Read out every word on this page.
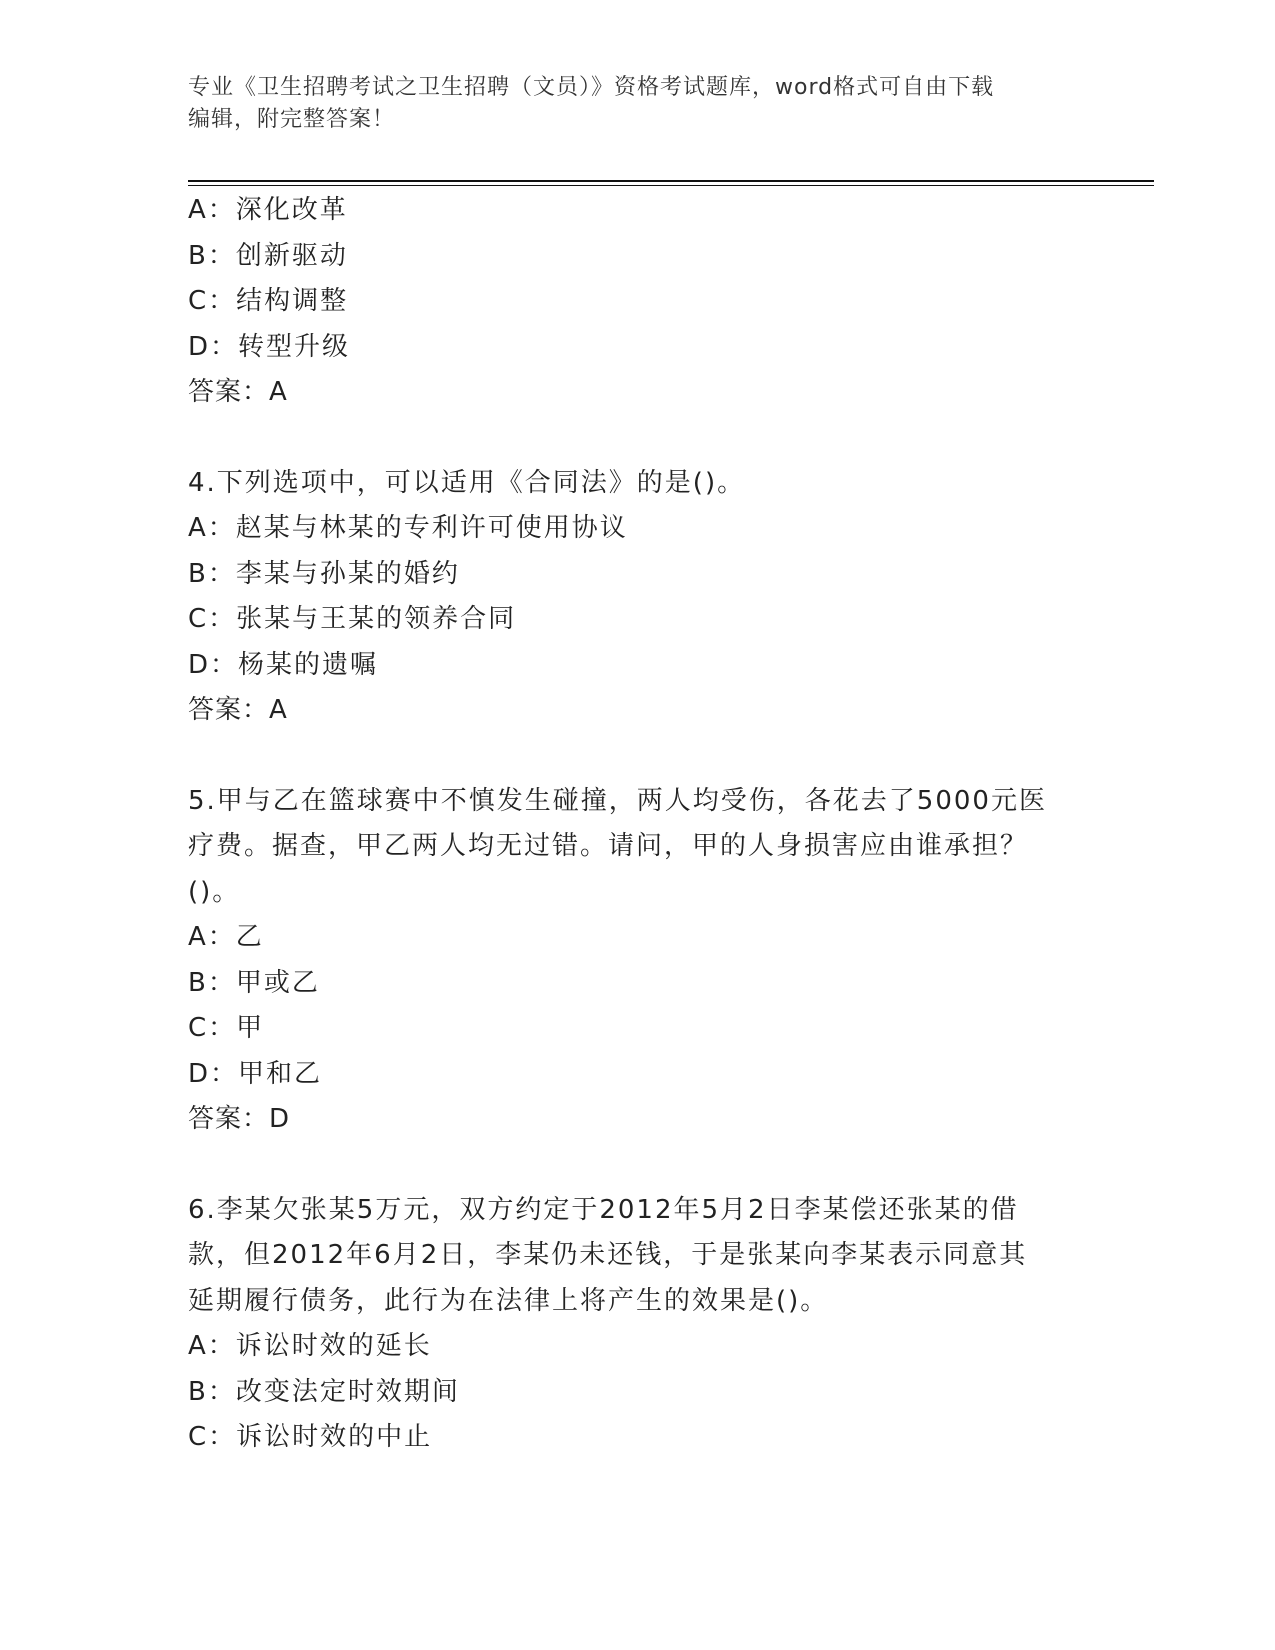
专业《卫生招聘考试之卫生招聘（文员）》资格考试题库，word格式可自由下载
编辑，附完整答案！
A：深化改革
B：创新驱动
C：结构调整
D：转型升级
答案：A
4.下列选项中，可以适用《合同法》的是()。
A：赵某与林某的专利许可使用协议
B：李某与孙某的婚约
C：张某与王某的领养合同
D：杨某的遗嘱
答案：A
5.甲与乙在篮球赛中不慎发生碰撞，两人均受伤，各花去了5000元医
疗费。据查，甲乙两人均无过错。请问，甲的人身损害应由谁承担？
()。
A：乙
B：甲或乙
C：甲
D：甲和乙
答案：D
6.李某欠张某5万元，双方约定于2012年5月2日李某偿还张某的借
款，但2012年6月2日，李某仍未还钱，于是张某向李某表示同意其
延期履行债务，此行为在法律上将产生的效果是()。
A：诉讼时效的延长
B：改变法定时效期间
C：诉讼时效的中止
